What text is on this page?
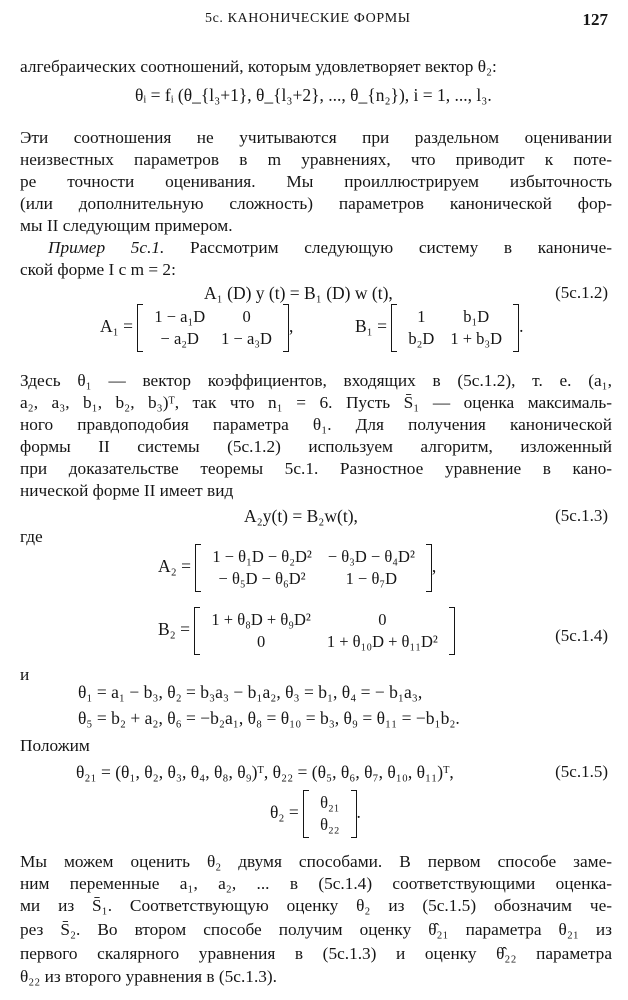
5с. КАНОНИЧЕСКИЕ ФОРМЫ	127
алгебраических соотношений, которым удовлетворяет вектор θ₂:
θᵢ = fᵢ (θ_{l₃+1}, θ_{l₃+2}, ..., θ_{n₂}), i = 1, ..., l₃.
Эти соотношения не учитываются при раздельном оценивании
неизвестных параметров в m уравнениях, что приводит к поте-
ре точности оценивания. Мы проиллюстрируем избыточность
(или дополнительную сложность) параметров канонической фор-
мы II следующим примером.
Пример 5с.1. Рассмотрим следующую систему в канониче-
ской форме I с m = 2:
A₁ (D) y (t) = B₁ (D) w (t),	(5с.1.2)
A₁ = 1 − a₁D	0
− a₂D	1 − a₃D
,	B₁ = 1	b₁D
b₂D	1 + b₃D
.
Здесь θ₁ — вектор коэффициентов, входящих в (5с.1.2), т. е. (a₁,
a₂, a₃, b₁, b₂, b₃)ᵀ, так что n₁ = 6. Пусть S̄₁ — оценка максималь-
ного правдоподобия параметра θ₁. Для получения канонической
формы II системы (5с.1.2) используем алгоритм, изложенный
при доказательстве теоремы 5с.1. Разностное уравнение в кано-
нической форме II имеет вид
A₂y(t) = B₂w(t),	(5с.1.3)
где
A₂ = 1 − θ₁D − θ₂D²	− θ₃D − θ₄D²
− θ₅D − θ₆D²	1 − θ₇D
,
B₂ = 1 + θ₈D + θ₉D²	0
0	1 + θ₁₀D + θ₁₁D²	(5с.1.4)
и
θ₁ = a₁ − b₃, θ₂ = b₃a₃ − b₁a₂, θ₃ = b₁, θ₄ = − b₁a₃,
θ₅ = b₂ + a₂, θ₆ = −b₂a₁, θ₈ = θ₁₀ = b₃, θ₉ = θ₁₁ = −b₁b₂.
Положим
θ₂₁ = (θ₁, θ₂, θ₃, θ₄, θ₈, θ₉)ᵀ, θ₂₂ = (θ₅, θ₆, θ₇, θ₁₀, θ₁₁)ᵀ,	(5с.1.5)
θ₂ = θ₂₁
θ₂₂
.
Мы можем оценить θ₂ двумя способами. В первом способе заме-
ним переменные a₁, a₂, ... в (5с.1.4) соответствующими оценка-
ми из S̄₁. Соответствующую оценку θ₂ из (5с.1.5) обозначим че-
рез S̄₂. Во втором способе получим оценку θ̂₂₁ параметра θ₂₁ из
первого скалярного уравнения в (5с.1.3) и оценку θ̂₂₂ параметра
θ₂₂ из второго уравнения в (5с.1.3).
